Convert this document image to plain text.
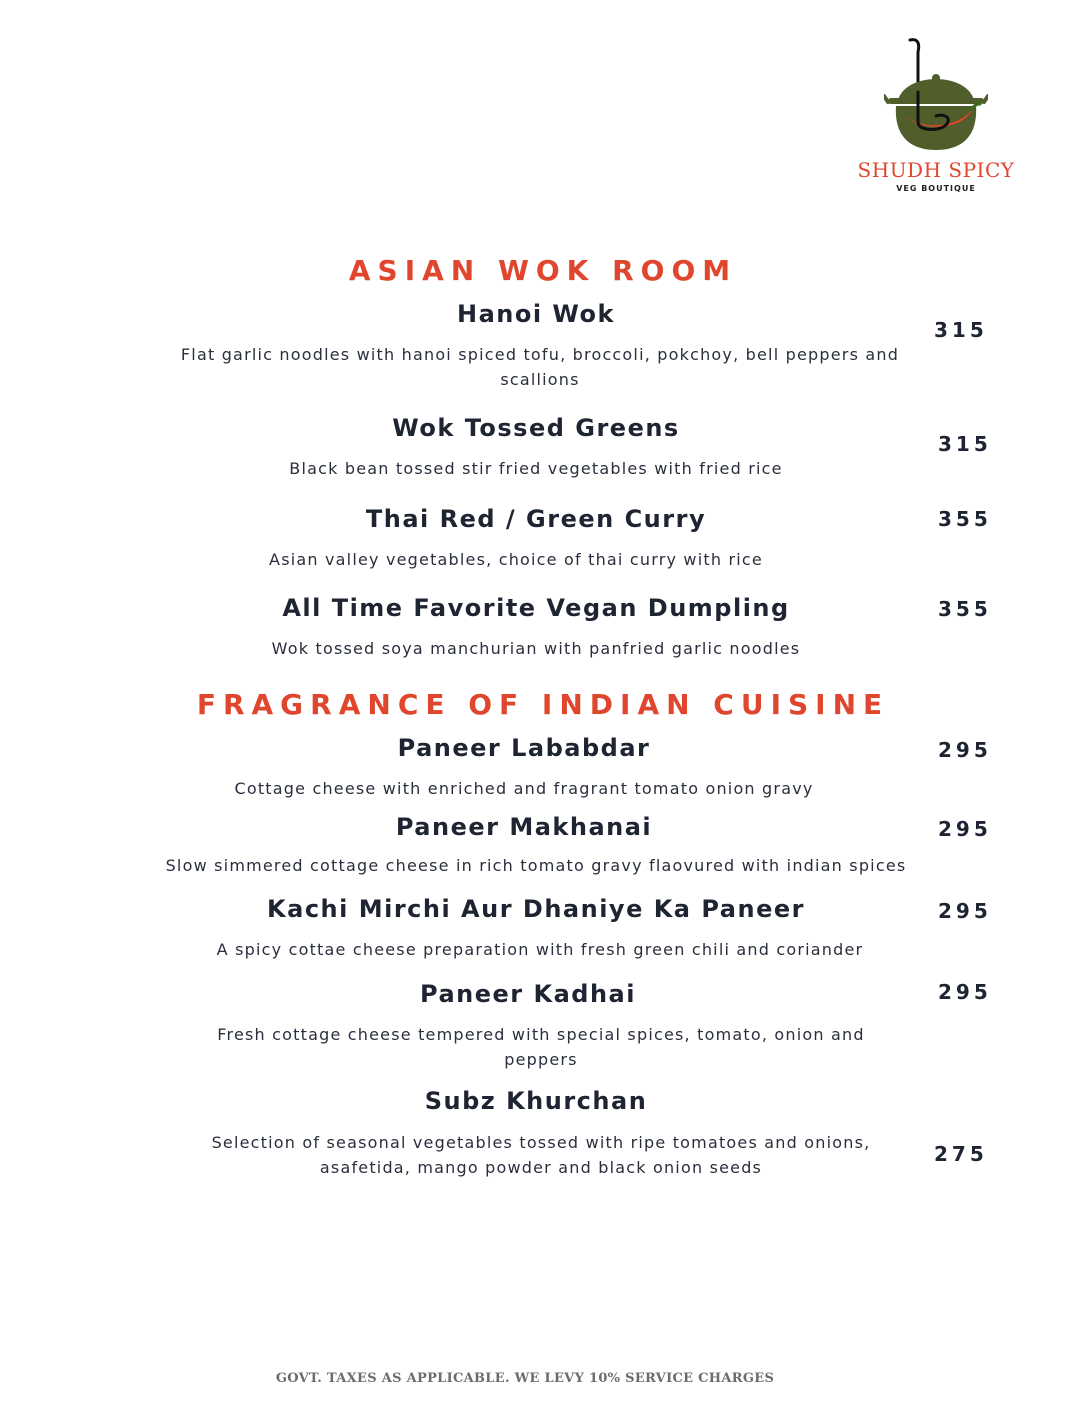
SHUDH SPICY
VEG BOUTIQUE
ASIAN WOK ROOM
Hanoi Wok
Flat garlic noodles with hanoi spiced tofu, broccoli, pokchoy, bell peppers and scallions
315
Wok Tossed Greens
Black bean tossed stir fried vegetables with fried rice
315
Thai Red / Green Curry
Asian valley vegetables, choice of thai curry with rice
355
All Time Favorite Vegan Dumpling
Wok tossed soya manchurian with panfried garlic noodles
355
FRAGRANCE OF INDIAN CUISINE
Paneer Lababdar
Cottage cheese with enriched and fragrant tomato onion gravy
295
Paneer Makhanai
Slow simmered cottage cheese in rich tomato gravy flaovured with indian spices
295
Kachi Mirchi Aur Dhaniye Ka Paneer
A spicy cottae cheese preparation with fresh green chili and coriander
295
Paneer Kadhai
Fresh cottage cheese tempered with special spices, tomato, onion and peppers
295
Subz Khurchan
Selection of seasonal vegetables tossed with ripe tomatoes and onions, asafetida, mango powder and black onion seeds
275
GOVT. TAXES AS APPLICABLE. WE LEVY 10% SERVICE CHARGES
